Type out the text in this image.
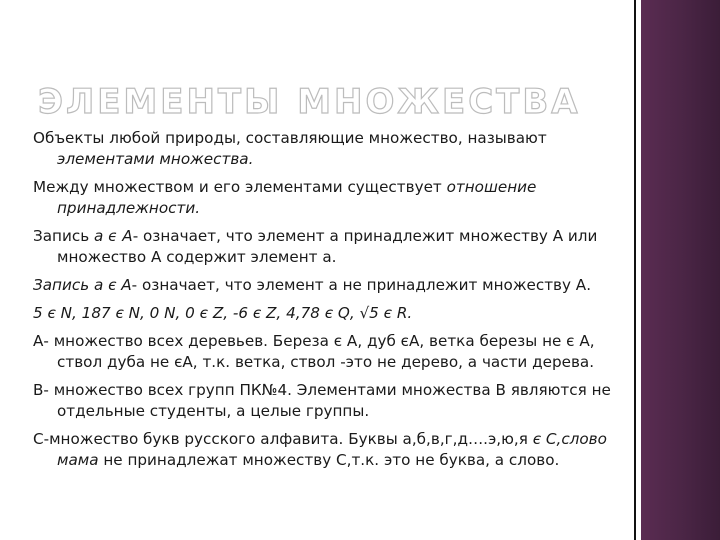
ЭЛЕМЕНТЫ МНОЖЕСТВА

Объекты любой природы, составляющие множество, называют элементами множества.

Между множеством и его элементами существует отношение принадлежности.

Запись а ϵ А- означает, что элемент а принадлежит множеству А или множество А содержит элемент а.

Запись а є А- означает, что элемент а не принадлежит множеству А.

5 є N, 187 є N, 0 N, 0 є Z, -6 є Z, 4,78 є Q, √5 є R.

А- множество всех деревьев. Береза є А, дуб єА, ветка березы не є А, ствол дуба не єА, т.к. ветка, ствол -это не дерево, а части дерева.

В- множество всех групп ПК№4. Элементами множества В являются не отдельные студенты, а целые группы.

С-множество букв русского алфавита. Буквы а,б,в,г,д….э,ю,я є С,слово мама не принадлежат множеству С,т.к. это не буква, а слово.
